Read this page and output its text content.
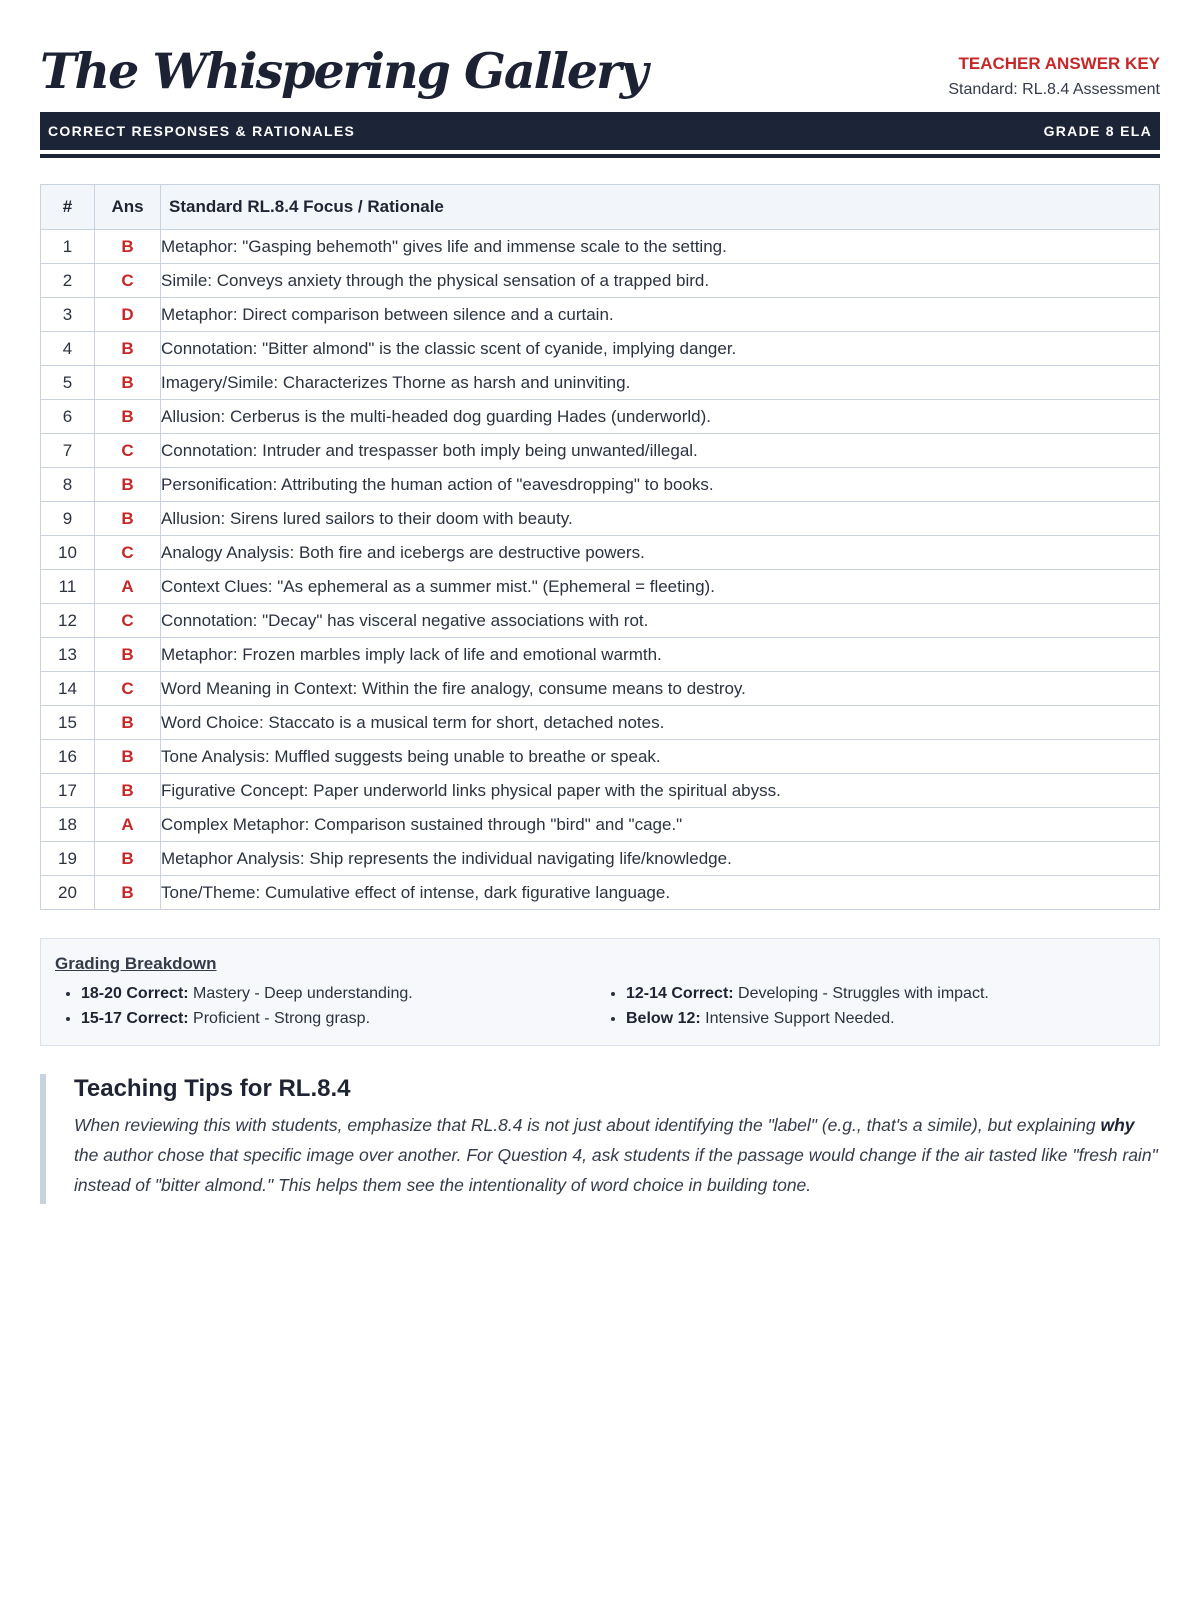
The Whispering Gallery	TEACHER ANSWER KEY
Standard: RL.8.4 Assessment
CORRECT RESPONSES & RATIONALES	GRADE 8 ELA
#	Ans	Standard RL.8.4 Focus / Rationale
1	B	Metaphor: "Gasping behemoth" gives life and immense scale to the setting.
2	C	Simile: Conveys anxiety through the physical sensation of a trapped bird.
3	D	Metaphor: Direct comparison between silence and a curtain.
4	B	Connotation: "Bitter almond" is the classic scent of cyanide, implying danger.
5	B	Imagery/Simile: Characterizes Thorne as harsh and uninviting.
6	B	Allusion: Cerberus is the multi-headed dog guarding Hades (underworld).
7	C	Connotation: Intruder and trespasser both imply being unwanted/illegal.
8	B	Personification: Attributing the human action of "eavesdropping" to books.
9	B	Allusion: Sirens lured sailors to their doom with beauty.
10	C	Analogy Analysis: Both fire and icebergs are destructive powers.
11	A	Context Clues: "As ephemeral as a summer mist." (Ephemeral = fleeting).
12	C	Connotation: "Decay" has visceral negative associations with rot.
13	B	Metaphor: Frozen marbles imply lack of life and emotional warmth.
14	C	Word Meaning in Context: Within the fire analogy, consume means to destroy.
15	B	Word Choice: Staccato is a musical term for short, detached notes.
16	B	Tone Analysis: Muffled suggests being unable to breathe or speak.
17	B	Figurative Concept: Paper underworld links physical paper with the spiritual abyss.
18	A	Complex Metaphor: Comparison sustained through "bird" and "cage."
19	B	Metaphor Analysis: Ship represents the individual navigating life/knowledge.
20	B	Tone/Theme: Cumulative effect of intense, dark figurative language.
Grading Breakdown
• 18-20 Correct: Mastery - Deep understanding.
• 15-17 Correct: Proficient - Strong grasp.
• 12-14 Correct: Developing - Struggles with impact.
• Below 12: Intensive Support Needed.
Teaching Tips for RL.8.4

When reviewing this with students, emphasize that RL.8.4 is not just about identifying the "label" (e.g., that's a simile), but explaining why the author chose that specific image over another. For Question 4, ask students if the passage would change if the air tasted like "fresh rain" instead of "bitter almond." This helps them see the intentionality of word choice in building tone.
